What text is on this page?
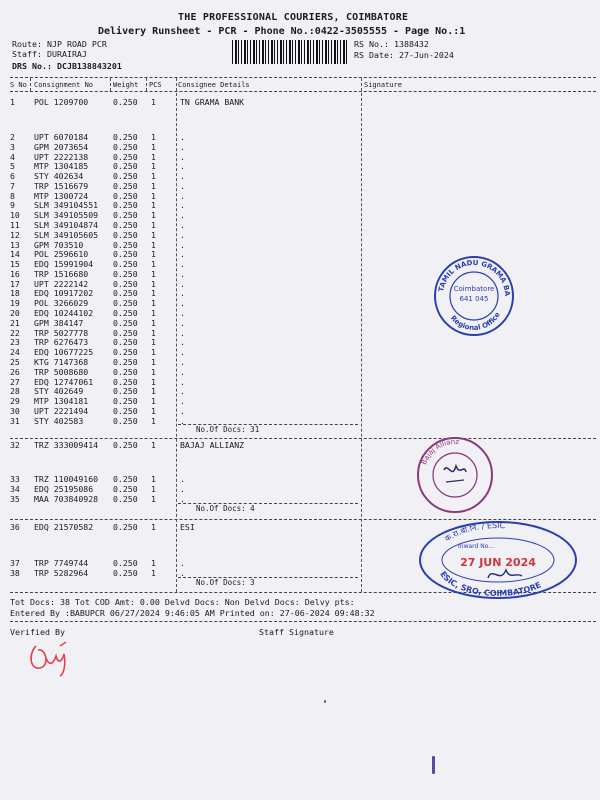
THE PROFESSIONAL COURIERS, COIMBATORE
Delivery Runsheet - PCR - Phone No.:0422-3505555 - Page No.:1
Route: NJP ROAD PCR
Staff: DURAIRAJ
DRS No.: DCJB138843201
RS No.: 1388432
RS Date: 27-Jun-2024
S No Consignment No	Weight PCS Consignee Details	Signature
1 POL 1209700	0.250 1	TN GRAMA BANK
2 UPT 6070184	0.250 1	.
3 GPM 2073654	0.250 1	.
4 UPT 2222138	0.250 1	.
5 MTP 1304185	0.250 1	.
6 STY 402634	0.250 1	.
7 TRP 1516679	0.250 1	.
8 MTP 1300724	0.250 1	.
9 SLM 349104551 0.250 1	.
10 SLM 349105509 0.250 1	.
11 SLM 349104874 0.250 1	.
12 SLM 349105605 0.250 1	.
13 GPM 703510	0.250 1	.
14 POL 2596610	0.250 1	.
15 EDQ 15991904 0.250 1	.
16 TRP 1516680	0.250 1	.
17 UPT 2222142	0.250 1	.
18 EDQ 10917202 0.250 1	.
19 POL 3266029	0.250 1	.
20 EDQ 10244102 0.250 1	.
21 GPM 384147	0.250 1	.
22 TRP 5027778	0.250 1	.
23 TRP 6276473	0.250 1	.
24 EDQ 10677225 0.250 1	.
25 KTG 7147368	0.250 1	.
26 TRP 5008680	0.250 1	.
27 EDQ 12747061 0.250 1	.
28 STY 402649	0.250 1	.
29 MTP 1304181	0.250 1	.
30 UPT 2221494	0.250 1	.
31 STY 402583	0.250 1	.
No.Of Docs: 31
32 TRZ 333009414 0.250 1	BAJAJ ALLIANZ
33 TRZ 110049160 0.250 1	.
34 EDQ 25195086 0.250 1	.
35 MAA 703840928 0.250 1	.
No.Of Docs: 4
36 EDQ 21570582 0.250 1	ESI
37 TRP 7749744	0.250 1	.
38 TRP 5282964	0.250 1	.
No.Of Docs: 3
Tot Docs: 38 Tot COD Amt: 0.00 Delvd Docs: Non Delvd Docs: Delvy pts:
Entered By :BABUPCR 06/27/2024 9:46:05 AM Printed on: 27-06-2024 09:48:32
Verified By	Staff Signature
TAMIL NADU GRAMA BA
Regional Office
Coimbatore
641 045
Bajaj Allianz
क.रा.बी.नि. / ESIC
ESIC, SRO, COIMBATORE
Inward No...
27 JUN 2024
